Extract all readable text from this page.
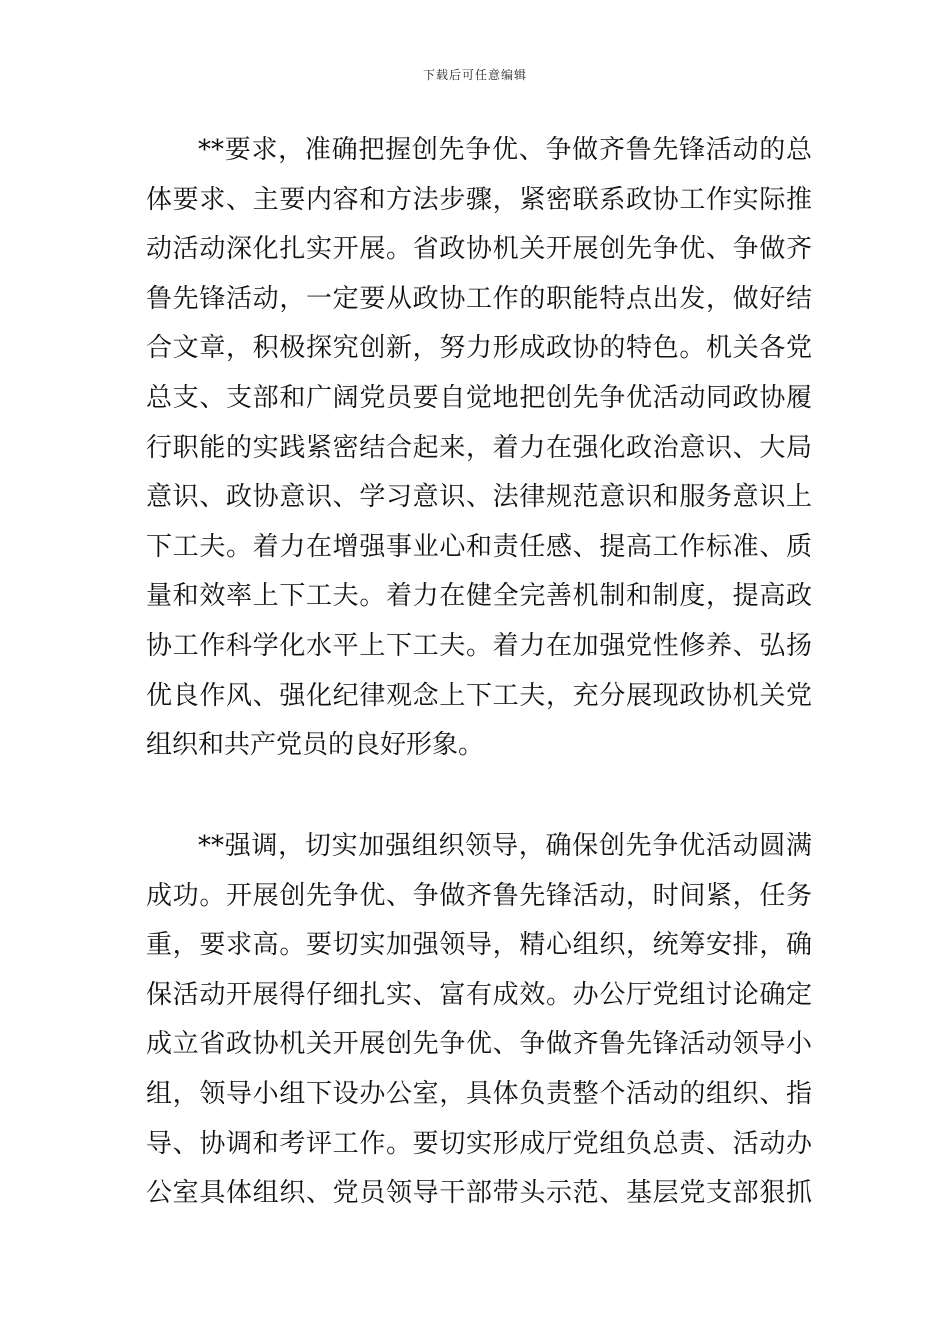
下载后可任意编辑
**要求，准确把握创先争优、争做齐鲁先锋活动的总
体要求、主要内容和方法步骤，紧密联系政协工作实际推
动活动深化扎实开展。省政协机关开展创先争优、争做齐
鲁先锋活动，一定要从政协工作的职能特点出发，做好结
合文章，积极探究创新，努力形成政协的特色。机关各党
总支、支部和广阔党员要自觉地把创先争优活动同政协履
行职能的实践紧密结合起来，着力在强化政治意识、大局
意识、政协意识、学习意识、法律规范意识和服务意识上
下工夫。着力在增强事业心和责任感、提高工作标准、质
量和效率上下工夫。着力在健全完善机制和制度，提高政
协工作科学化水平上下工夫。着力在加强党性修养、弘扬
优良作风、强化纪律观念上下工夫，充分展现政协机关党
组织和共产党员的良好形象。
**强调，切实加强组织领导，确保创先争优活动圆满
成功。开展创先争优、争做齐鲁先锋活动，时间紧，任务
重，要求高。要切实加强领导，精心组织，统筹安排，确
保活动开展得仔细扎实、富有成效。办公厅党组讨论确定
成立省政协机关开展创先争优、争做齐鲁先锋活动领导小
组，领导小组下设办公室，具体负责整个活动的组织、指
导、协调和考评工作。要切实形成厅党组负总责、活动办
公室具体组织、党员领导干部带头示范、基层党支部狠抓
